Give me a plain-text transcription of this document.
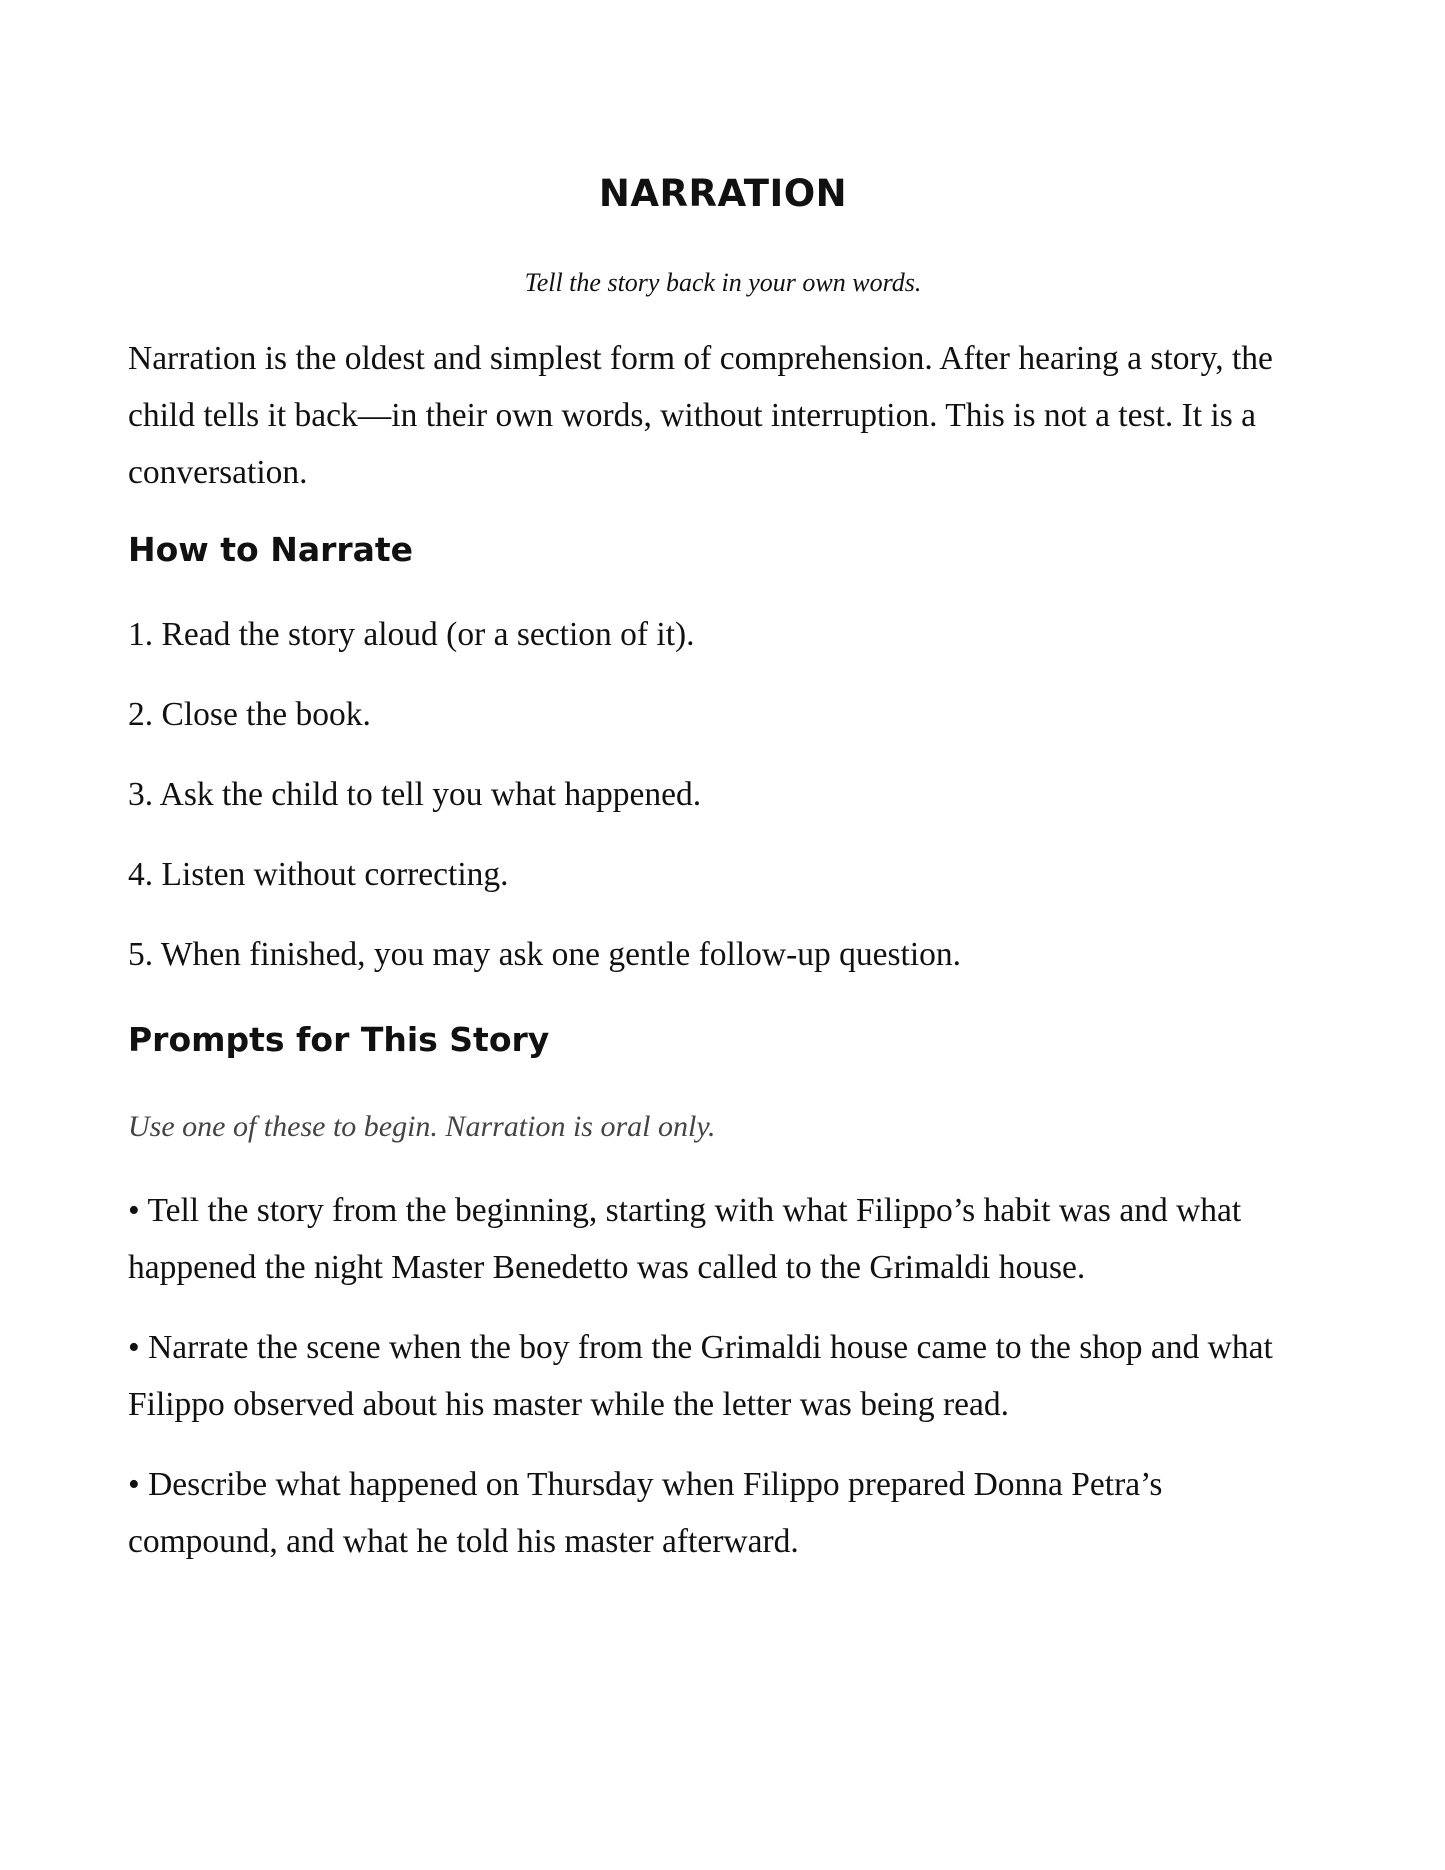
NARRATION

Tell the story back in your own words.

Narration is the oldest and simplest form of comprehension. After hearing a story, the child tells it back—in their own words, without interruption. This is not a test. It is a conversation.

How to Narrate
1. Read the story aloud (or a section of it).
2. Close the book.
3. Ask the child to tell you what happened.
4. Listen without correcting.
5. When finished, you may ask one gentle follow-up question.
Prompts for This Story

Use one of these to begin. Narration is oral only.

• Tell the story from the beginning, starting with what Filippo’s habit was and what happened the night Master Benedetto was called to the Grimaldi house.
• Narrate the scene when the boy from the Grimaldi house came to the shop and what Filippo observed about his master while the letter was being read.
• Describe what happened on Thursday when Filippo prepared Donna Petra’s compound, and what he told his master afterward.
